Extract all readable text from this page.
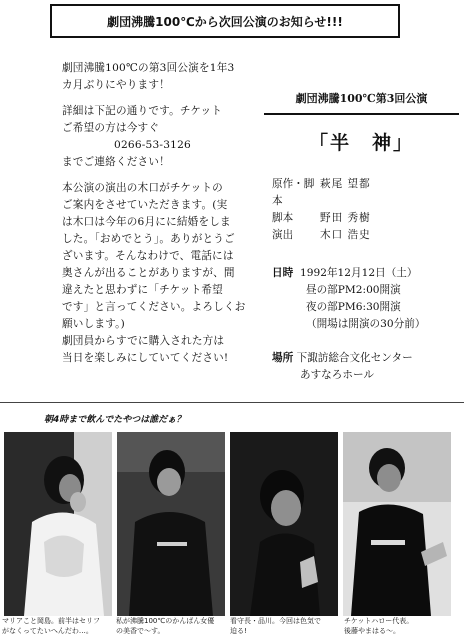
劇団沸騰100℃から次回公演のお知らせ!!!

劇団沸騰100℃の第3回公演を1年3

カ月ぶりにやります！

詳細は下記の通りです。チケット

ご希望の方は今すぐ

0266-53-3126

までご連絡ください！

本公演の演出の木口がチケットの

ご案内をさせていただきます。(実

は木口は今年の6月にに結婚をしま

した。「おめでとう」。ありがとうご

ざいます。そんなわけで、電話には

奥さんが出ることがありますが、間

違えたと思わずに「チケット希望

です」と言ってください。よろしくお

願いします。)

劇団員からすでに購入された方は

当日を楽しみにしていてください!

劇団沸騰100℃第3回公演
「半　神」
原作・脚本
萩尾 望都
脚本	野田 秀樹
演出	木口 浩史
日時 1992年12月12日（土）
昼の部PM2:00開演
夜の部PM6:30開演
（開場は開演の30分前）
場所 下諏訪総合文化センター
あすなろホール
朝4時まで飲んでたやつは誰だぁ？
マリアこと岡島。前半はセリフ
がなくってたいへんだわ…。
私が沸騰100℃のかんばん女優
の美香で〜す。
看守長・品川。今回は色気で
迫る!
チケットハロー代表。
後藤やまはる〜。
